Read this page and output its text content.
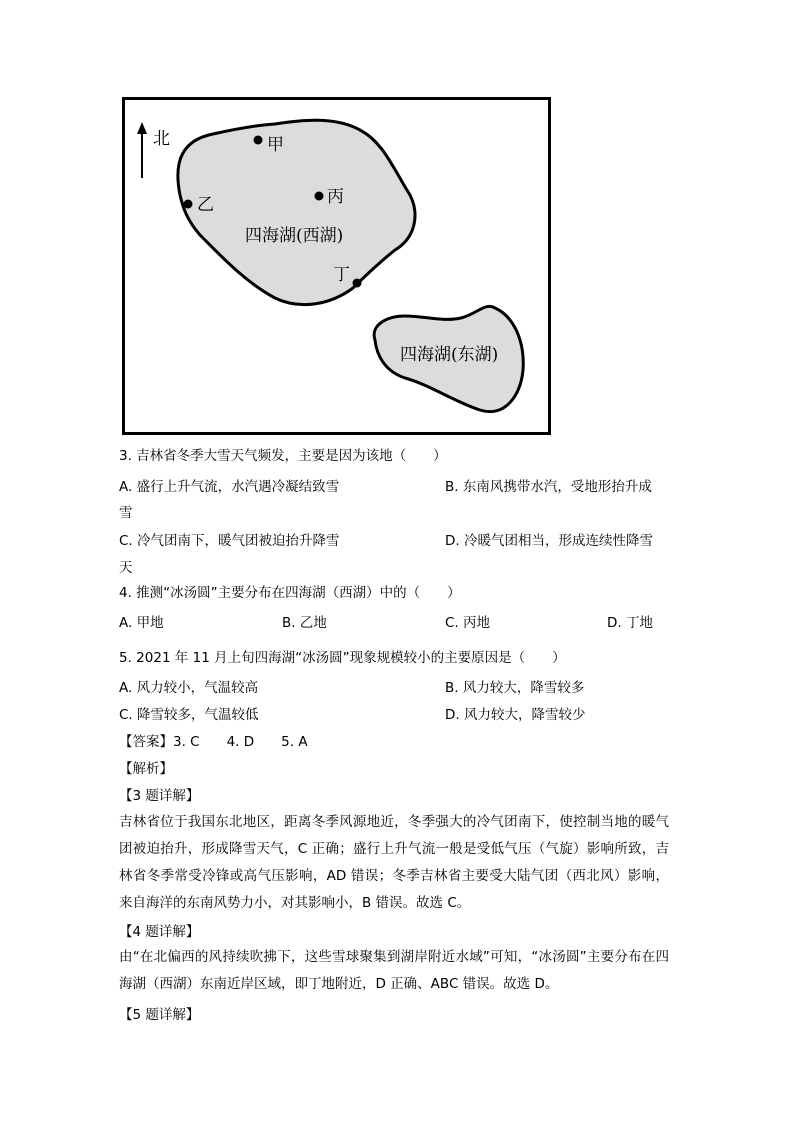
北	甲
乙	丙
丁
四海湖(西湖)
四海湖(东湖)
3. 吉林省冬季大雪天气频发，主要是因为该地（　　）
A. 盛行上升气流，水汽遇冷凝结致雪	B. 东南风携带水汽，受地形抬升成
雪
C. 冷气团南下，暖气团被迫抬升降雪	D. 冷暖气团相当，形成连续性降雪
天
4. 推测“冰汤圆”主要分布在四海湖（西湖）中的（　　）
A. 甲地	B. 乙地	C. 丙地	D. 丁地
5. 2021 年 11 月上旬四海湖“冰汤圆”现象规模较小的主要原因是（　　）
A. 风力较小，气温较高	B. 风力较大，降雪较多
C. 降雪较多，气温较低	D. 风力较大，降雪较少
【答案】3. C　　4. D　　5. A
【解析】
【3 题详解】
吉林省位于我国东北地区，距离冬季风源地近，冬季强大的冷气团南下，使控制当地的暖气团被迫抬升，形成降雪天气，C 正确；盛行上升气流一般是受低气压（气旋）影响所致，吉林省冬季常受冷锋或高气压影响，AD 错误；冬季吉林省主要受大陆气团（西北风）影响，来自海洋的东南风势力小，对其影响小，B 错误。故选 C。
【4 题详解】
由“在北偏西的风持续吹拂下，这些雪球聚集到湖岸附近水域”可知，“冰汤圆”主要分布在四海湖（西湖）东南近岸区域，即丁地附近，D 正确、ABC 错误。故选 D。
【5 题详解】
